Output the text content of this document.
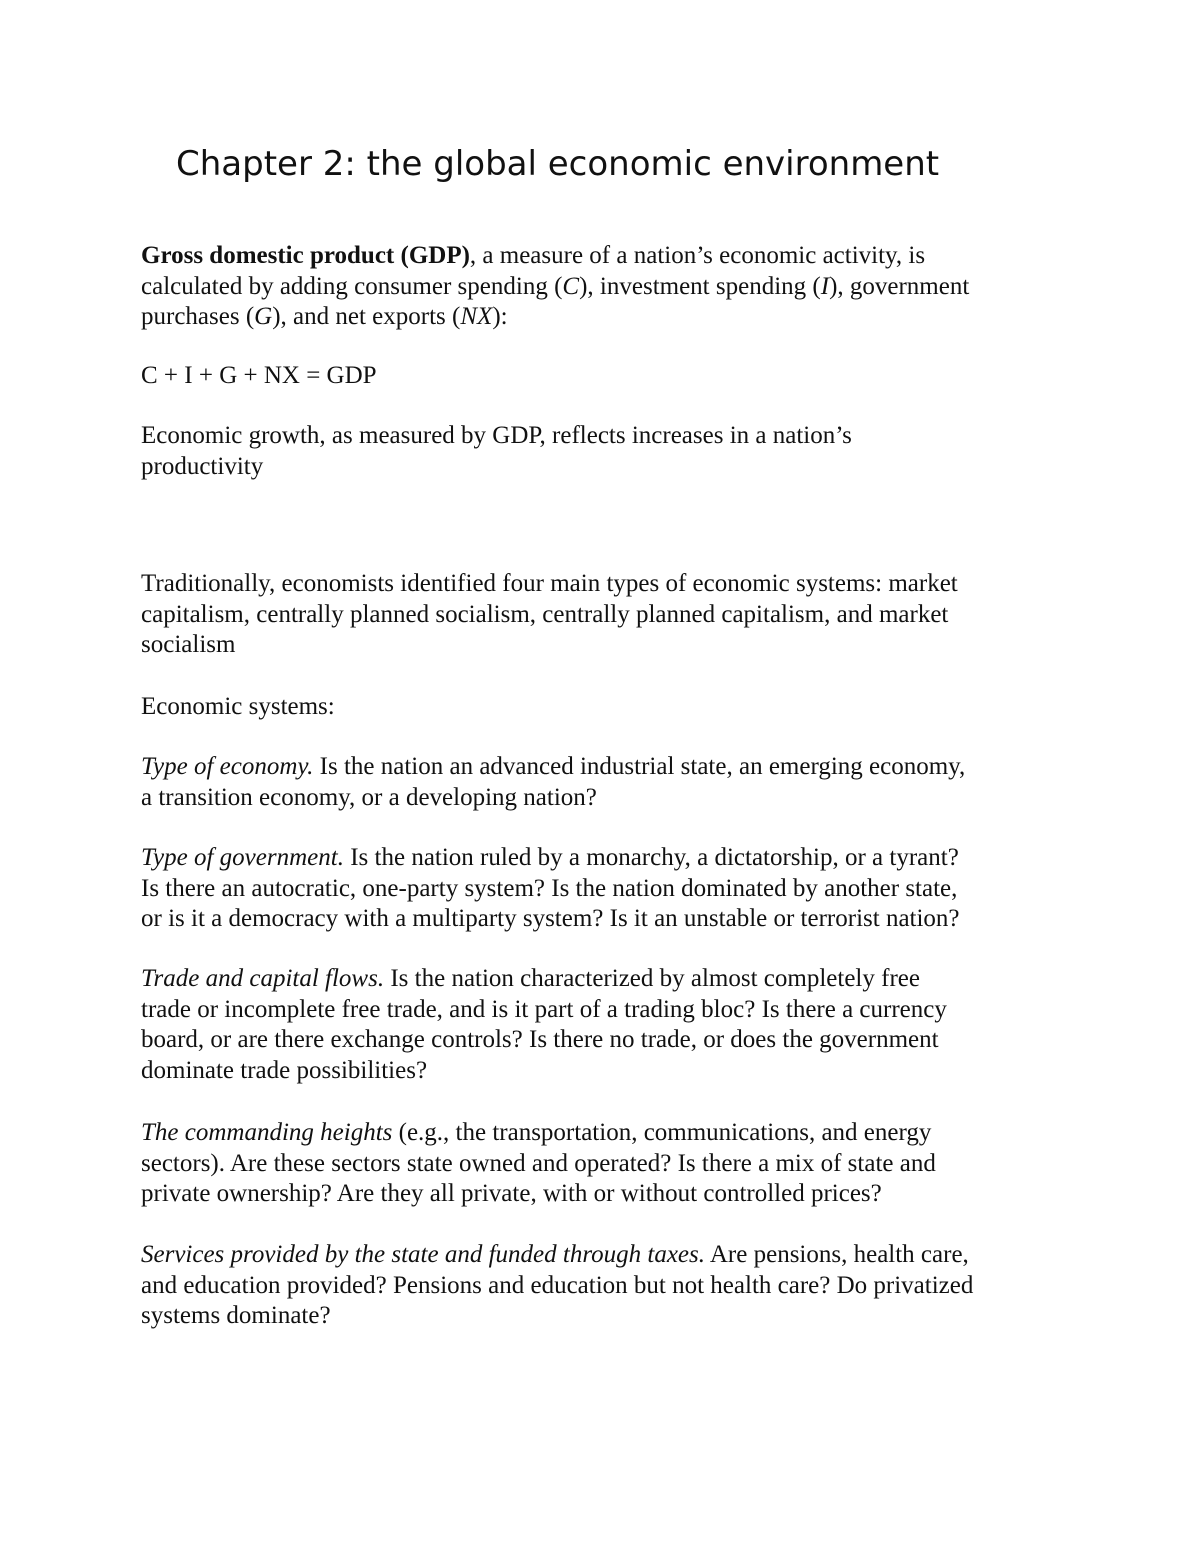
Chapter 2: the global economic environment

Gross domestic product (GDP), a measure of a nation’s economic activity, is
calculated by adding consumer spending (C), investment spending (I), government
purchases (G), and net exports (NX):

C + I + G + NX = GDP

Economic growth, as measured by GDP, reflects increases in a nation’s
productivity

Traditionally, economists identified four main types of economic systems: market
capitalism, centrally planned socialism, centrally planned capitalism, and market
socialism

Economic systems:

Type of economy. Is the nation an advanced industrial state, an emerging economy,
a transition economy, or a developing nation?

Type of government. Is the nation ruled by a monarchy, a dictatorship, or a tyrant?
Is there an autocratic, one-party system? Is the nation dominated by another state,
or is it a democracy with a multiparty system? Is it an unstable or terrorist nation?

Trade and capital flows. Is the nation characterized by almost completely free
trade or incomplete free trade, and is it part of a trading bloc? Is there a currency
board, or are there exchange controls? Is there no trade, or does the government
dominate trade possibilities?

The commanding heights (e.g., the transportation, communications, and energy
sectors). Are these sectors state owned and operated? Is there a mix of state and
private ownership? Are they all private, with or without controlled prices?

Services provided by the state and funded through taxes. Are pensions, health care,
and education provided? Pensions and education but not health care? Do privatized
systems dominate?
